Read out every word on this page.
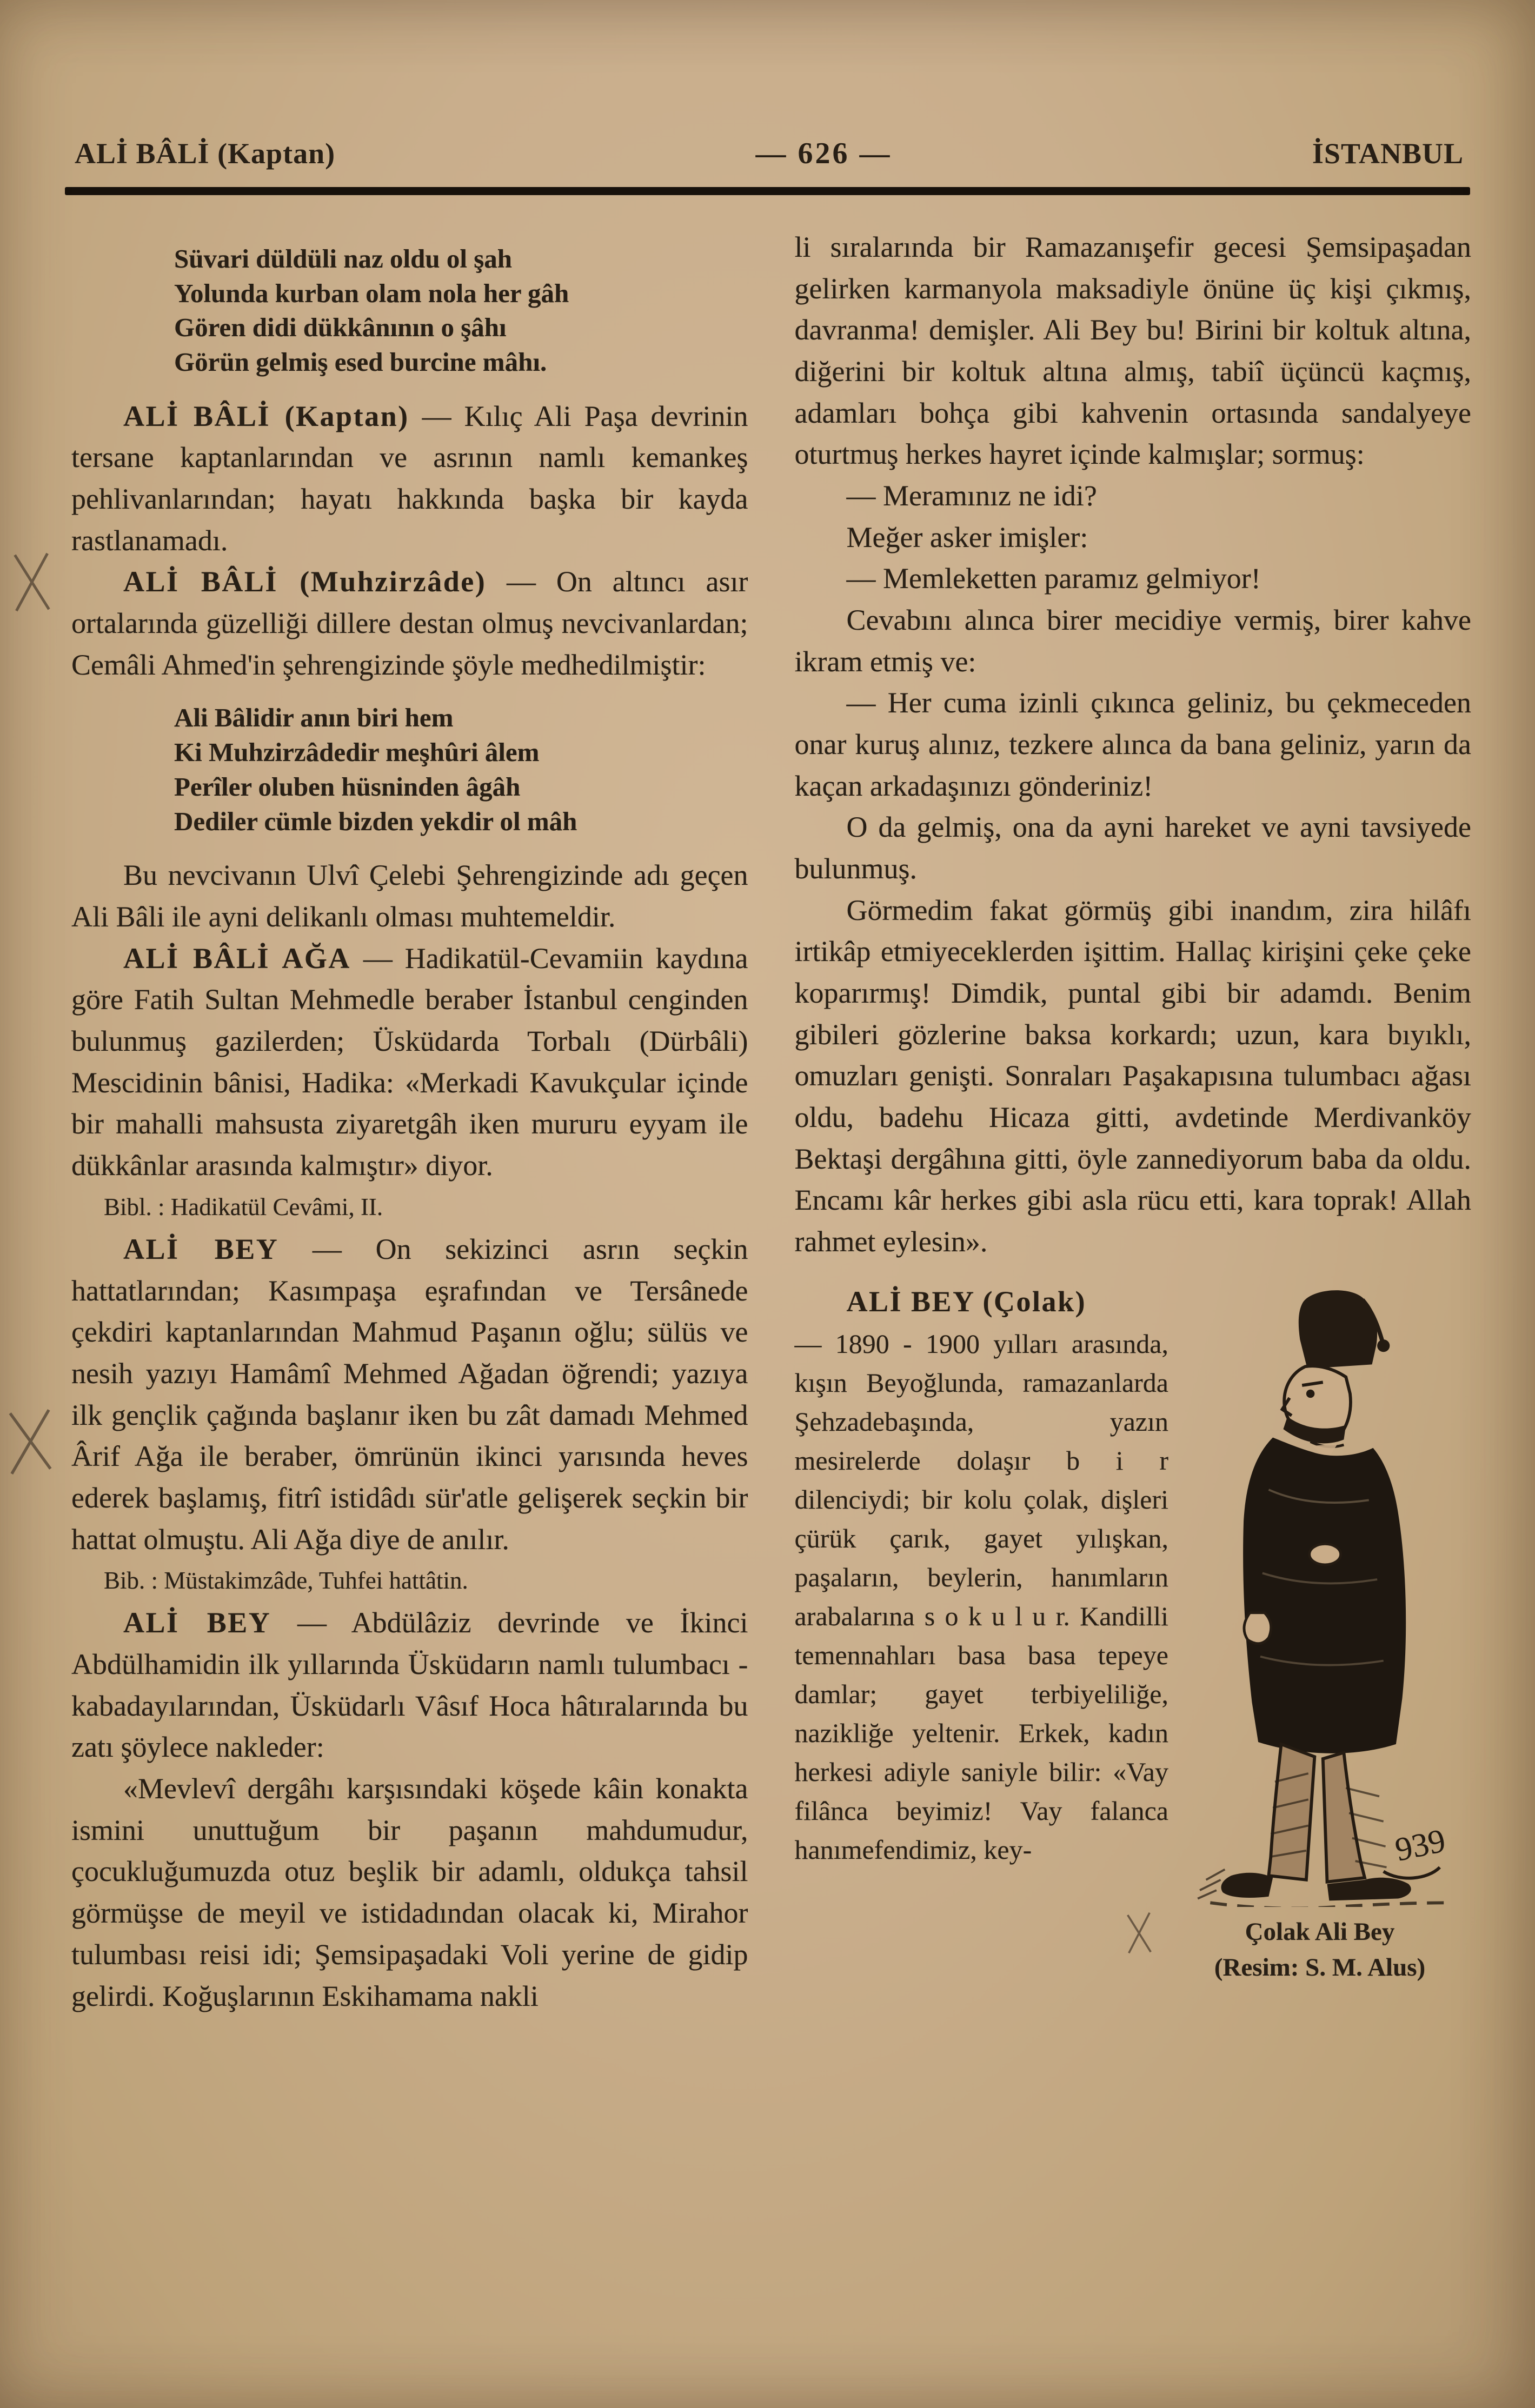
ALİ BÂLİ (Kaptan)	— 626 —	İSTANBUL
Süvari düldüli naz oldu ol şah
Yolunda kurban olam nola her gâh
Gören didi dükkânının o şâhı
Görün gelmiş esed burcine mâhı.

ALİ BÂLİ (Kaptan) — Kılıç Ali Paşa devrinin tersane kaptanlarından ve asrının namlı kemankeş pehlivanlarından; hayatı hakkında başka bir kayda rastlanamadı.

ALİ BÂLİ (Muhzirzâde) — On altıncı asır ortalarında güzelliği dillere destan olmuş nevcivanlardan; Cemâli Ahmed'in şehrengizinde şöyle medhedilmiştir:

Ali Bâlidir anın biri hem
Ki Muhzirzâdedir meşhûri âlem
Perîler oluben hüsninden âgâh
Dediler cümle bizden yekdir ol mâh

Bu nevcivanın Ulvî Çelebi Şehrengizinde adı geçen Ali Bâli ile ayni delikanlı olması muhtemeldir.

ALİ BÂLİ AĞA — Hadikatül-Cevamiin kaydına göre Fatih Sultan Mehmedle beraber İstanbul cenginden bulunmuş gazilerden; Üsküdarda Torbalı (Dürbâli) Mescidinin bânisi, Hadika: «Merkadi Kavukçular içinde bir mahalli mahsusta ziyaretgâh iken mururu eyyam ile dükkânlar arasında kalmıştır» diyor.

Bibl. : Hadikatül Cevâmi, II.

ALİ BEY — On sekizinci asrın seçkin hattatlarından; Kasımpaşa eşrafından ve Tersânede çekdiri kaptanlarından Mahmud Paşanın oğlu; sülüs ve nesih yazıyı Hamâmî Mehmed Ağadan öğrendi; yazıya ilk gençlik çağında başlanır iken bu zât damadı Mehmed Ârif Ağa ile beraber, ömrünün ikinci yarısında heves ederek başlamış, fitrî istidâdı sür'atle gelişerek seçkin bir hattat olmuştu. Ali Ağa diye de anılır.

Bib. : Müstakimzâde, Tuhfei hattâtin.

ALİ BEY — Abdülâziz devrinde ve İkinci Abdülhamidin ilk yıllarında Üsküdarın namlı tulumbacı - kabadayılarından, Üsküdarlı Vâsıf Hoca hâtıralarında bu zatı şöylece nakleder:

«Mevlevî dergâhı karşısındaki köşede kâin konakta ismini unuttuğum bir paşanın mahdumudur, çocukluğumuzda otuz beşlik bir adamlı, oldukça tahsil görmüşse de meyil ve istidadından olacak ki, Mirahor tulumbası reisi idi; Şemsipaşadaki Voli yerine de gidip gelirdi. Koğuşlarının Eskihamama nakli

li sıralarında bir Ramazanışefir gecesi Şemsipaşadan gelirken karmanyola maksadiyle önüne üç kişi çıkmış, davranma! demişler. Ali Bey bu! Birini bir koltuk altına, diğerini bir koltuk altına almış, tabiî üçüncü kaçmış, adamları bohça gibi kahvenin ortasında sandalyeye oturtmuş herkes hayret içinde kalmışlar; sormuş:

— Meramınız ne idi?

Meğer asker imişler:

— Memleketten paramız gelmiyor!

Cevabını alınca birer mecidiye vermiş, birer kahve ikram etmiş ve:

— Her cuma izinli çıkınca geliniz, bu çekmeceden onar kuruş alınız, tezkere alınca da bana geliniz, yarın da kaçan arkadaşınızı gönderiniz!

O da gelmiş, ona da ayni hareket ve ayni tavsiyede bulunmuş.

Görmedim fakat görmüş gibi inandım, zira hilâfı irtikâp etmiyeceklerden işittim. Hallaç kirişini çeke çeke koparırmış! Dimdik, puntal gibi bir adamdı. Benim gibileri gözlerine baksa korkardı; uzun, kara bıyıklı, omuzları genişti. Sonraları Paşakapısına tulumbacı ağası oldu, badehu Hicaza gitti, avdetinde Merdivanköy Bektaşi dergâhına gitti, öyle zannediyorum baba da oldu. Encamı kâr herkes gibi asla rücu etti, kara toprak! Allah rahmet eylesin».

939
Çolak Ali Bey
(Resim: S. M. Alus)

ALİ BEY (Çolak)

— 1890 - 1900 yılları arasında, kışın Beyoğlunda, ramazanlarda Şehzadebaşında, yazın mesirelerde dolaşır b i r dilenciydi; bir kolu çolak, dişleri çürük çarık, gayet yılışkan, paşaların, beylerin, hanımların arabalarına s o k u l u r. Kandilli temennahları basa basa tepeye damlar; gayet terbiyeliliğe, nazikliğe yeltenir. Erkek, kadın herkesi adiyle saniyle bilir: «Vay filânca beyimiz! Vay falanca hanımefendimiz, key-
